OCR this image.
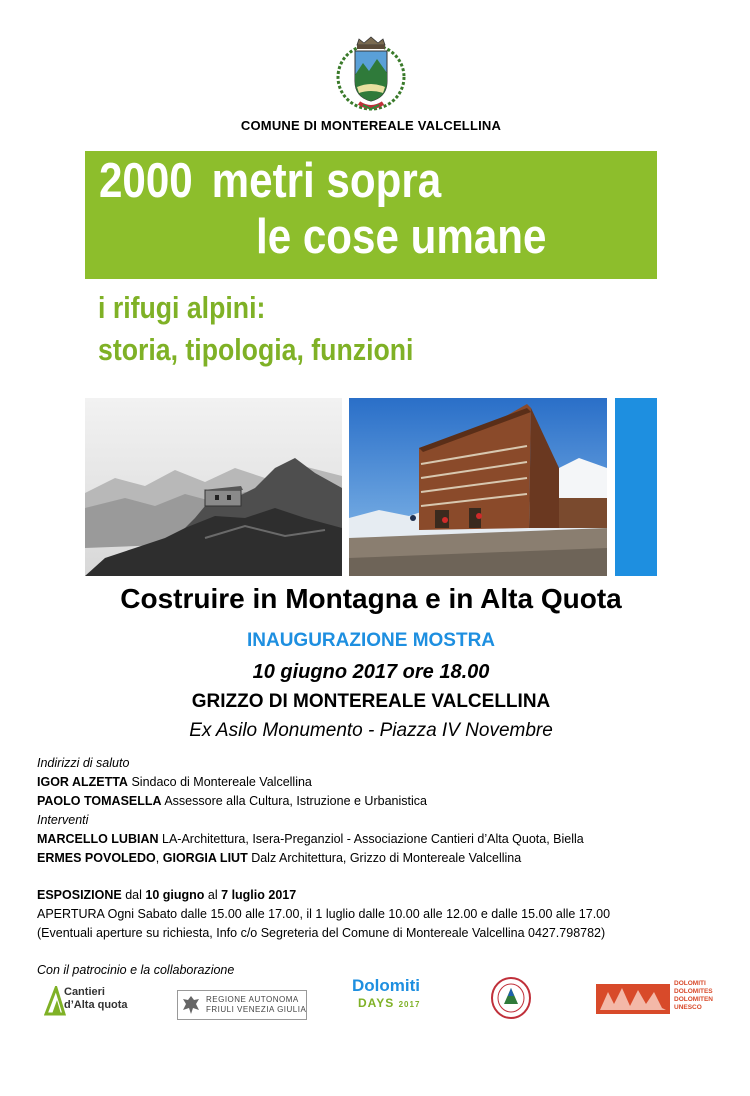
COMUNE DI MONTEREALE VALCELLINA
2000 metri sopra
le cose umane
i rifugi alpini:
storia, tipologia, funzioni
Costruire in Montagna e in Alta Quota
INAUGURAZIONE MOSTRA
10 giugno 2017 ore 18.00
GRIZZO DI MONTEREALE VALCELLINA
Ex Asilo Monumento - Piazza IV Novembre
Indirizzi di saluto
IGOR ALZETTA Sindaco di Montereale Valcellina
PAOLO TOMASELLA Assessore alla Cultura, Istruzione e Urbanistica
Interventi
MARCELLO LUBIAN LA-Architettura, Isera-Preganziol - Associazione Cantieri d’Alta Quota, Biella
ERMES POVOLEDO, GIORGIA LIUT Dalz Architettura, Grizzo di Montereale Valcellina
ESPOSIZIONE dal 10 giugno al 7 luglio 2017
APERTURA Ogni Sabato dalle 15.00 alle 17.00, il 1 luglio dalle 10.00 alle 12.00 e dalle 15.00 alle 17.00
(Eventuali aperture su richiesta, Info c/o Segreteria del Comune di Montereale Valcellina 0427.798782)
Con il patrocinio e la collaborazione
Cantieri
d’Alta quota	REGIONE AUTONOMA
FRIULI VENEZIA GIULIA
Dolomiti
DAYS 2017
DOLOMITI
DOLOMITES
DOLOMITEN
UNESCO
